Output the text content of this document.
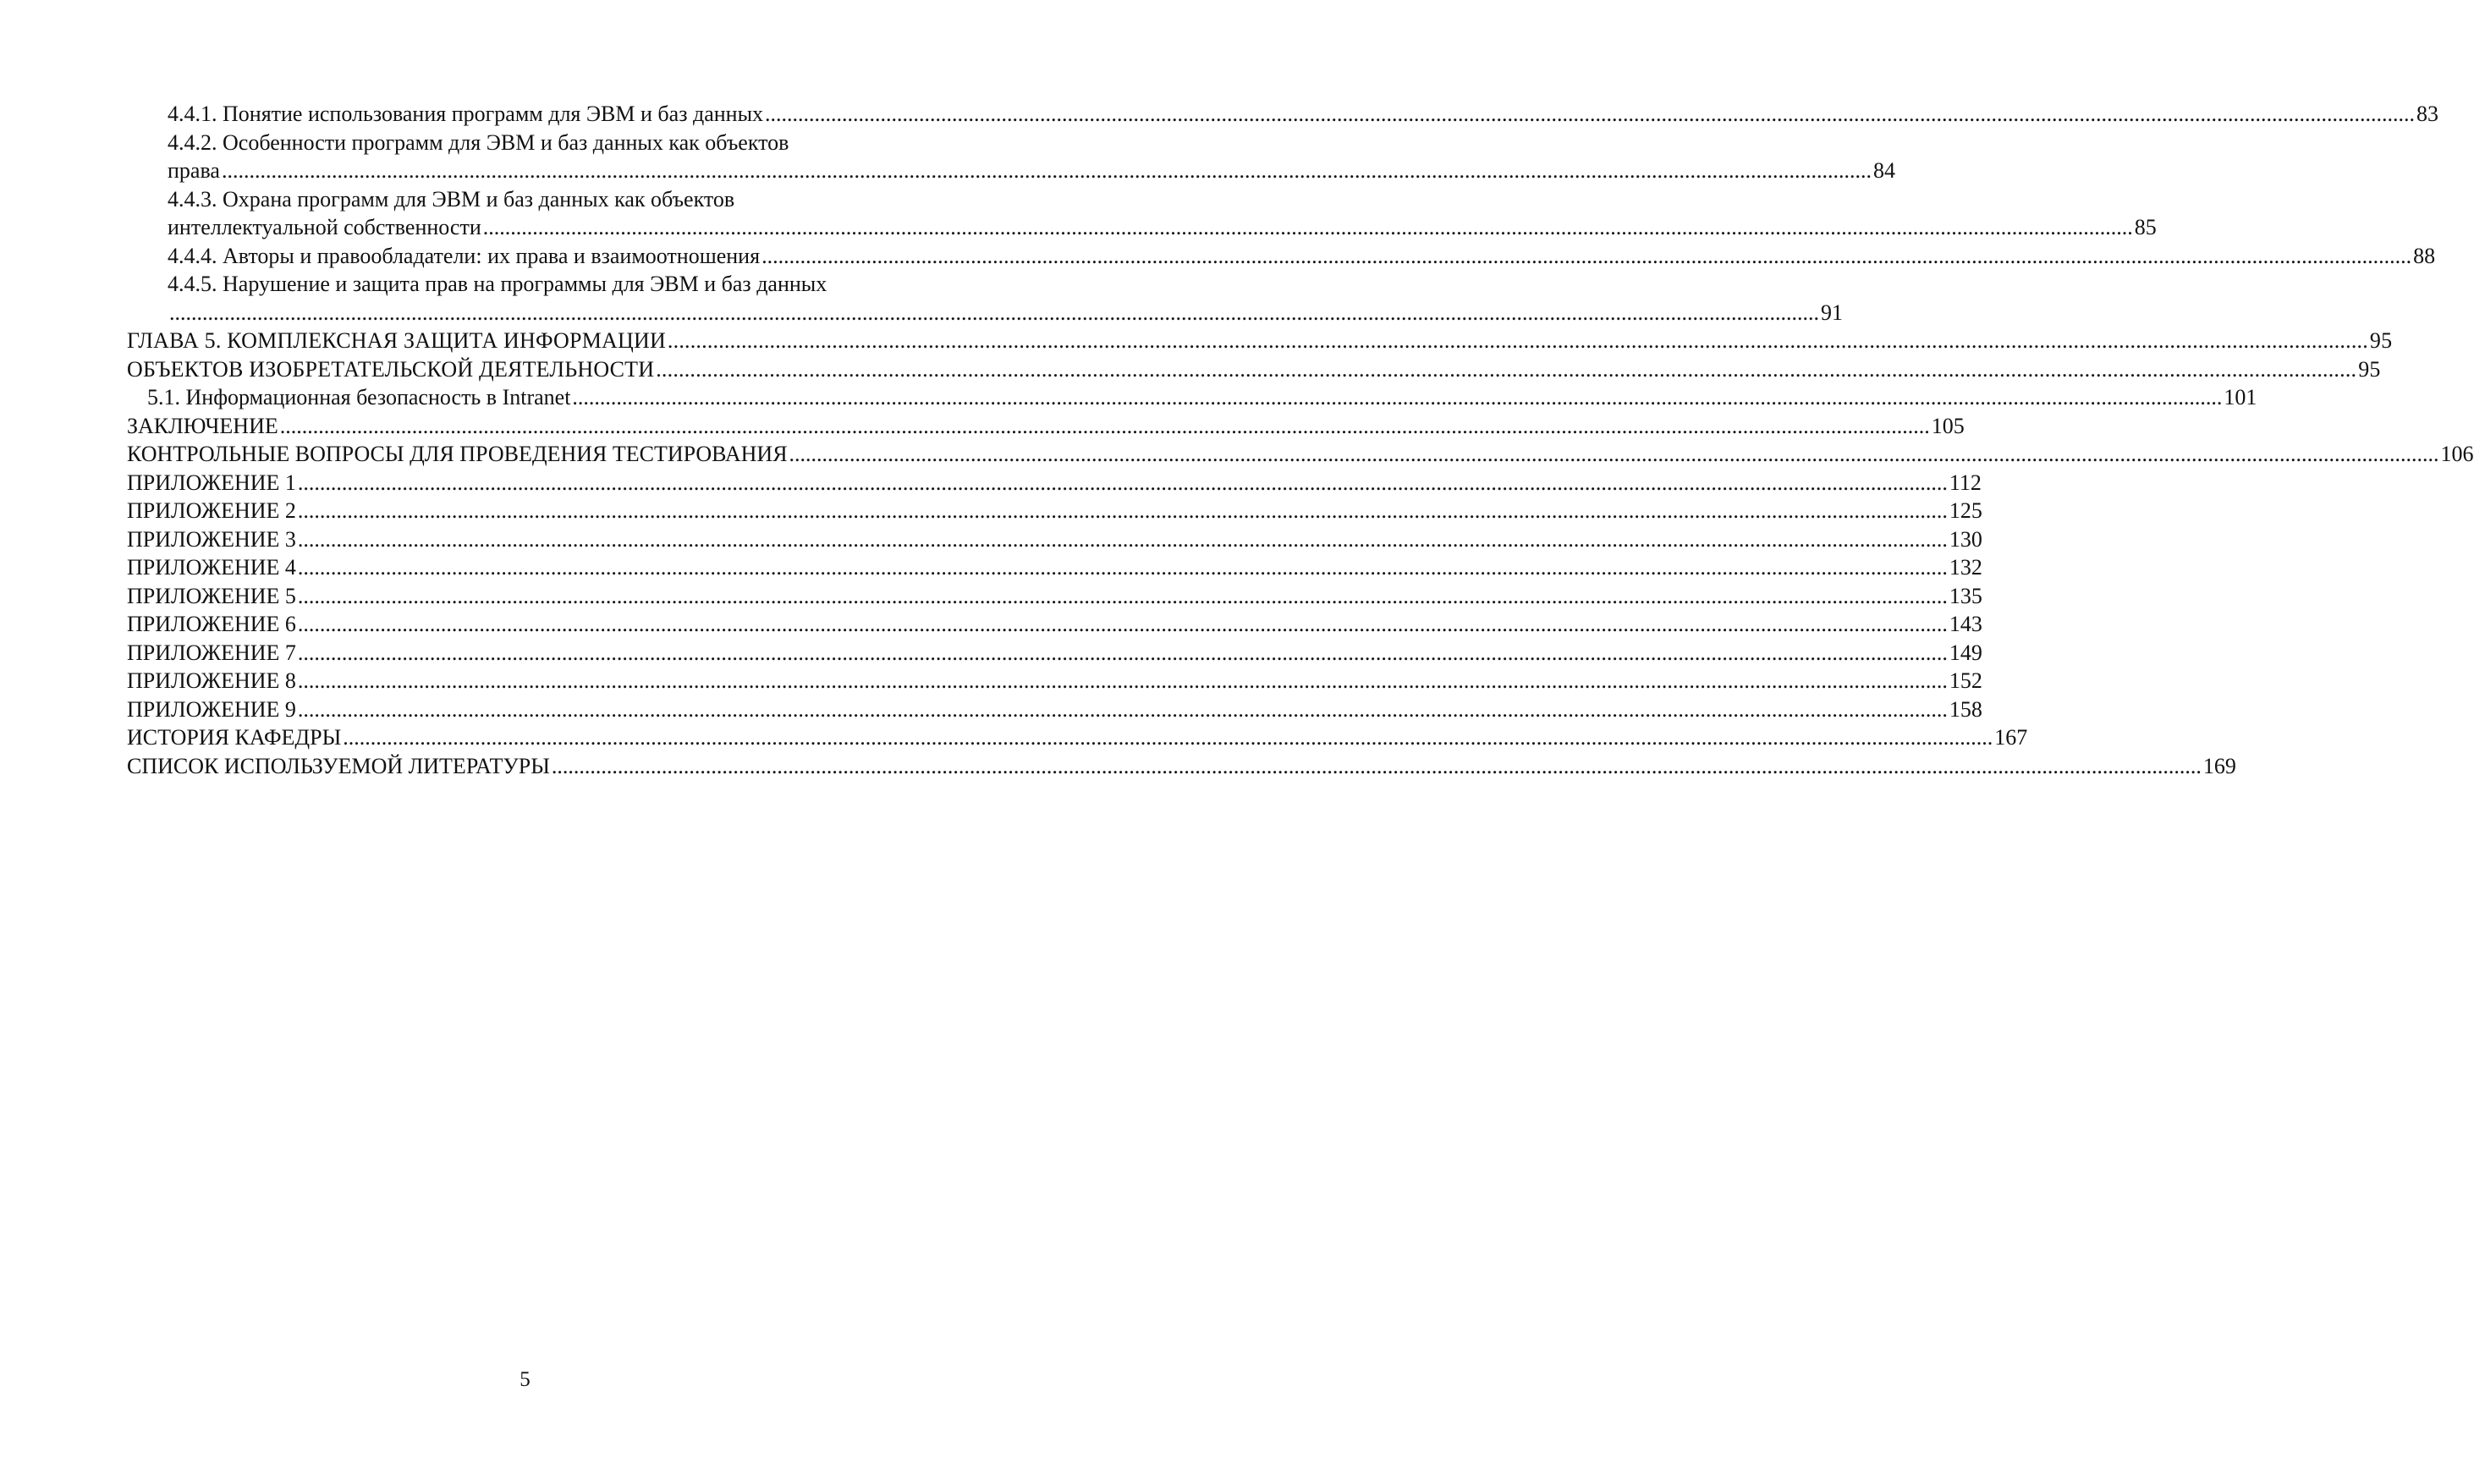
4.4.1. Понятие использования программ для ЭВМ и баз данных ............................................................................................................................................................................................................................................................................................................ 83
4.4.2. Особенности программ для ЭВМ и баз данных как объектов
права ............................................................................................................................................................................................................................................................................................................ 84
4.4.3. Охрана программ для ЭВМ и баз данных как объектов
интеллектуальной собственности ............................................................................................................................................................................................................................................................................................................ 85
4.4.4. Авторы и правообладатели: их права и взаимоотношения ............................................................................................................................................................................................................................................................................................................ 88
4.4.5. Нарушение и защита прав на программы для ЭВМ и баз данных
............................................................................................................................................................................................................................................................................................................ 91
ГЛАВА 5. КОМПЛЕКСНАЯ ЗАЩИТА ИНФОРМАЦИИ ............................................................................................................................................................................................................................................................................................................ 95
ОБЪЕКТОВ ИЗОБРЕТАТЕЛЬСКОЙ ДЕЯТЕЛЬНОСТИ ............................................................................................................................................................................................................................................................................................................ 95
5.1. Информационная безопасность в Intranet ............................................................................................................................................................................................................................................................................................................ 101
ЗАКЛЮЧЕНИЕ ............................................................................................................................................................................................................................................................................................................ 105
КОНТРОЛЬНЫЕ ВОПРОСЫ ДЛЯ ПРОВЕДЕНИЯ ТЕСТИРОВАНИЯ ............................................................................................................................................................................................................................................................................................................ 106
ПРИЛОЖЕНИЕ 1 ............................................................................................................................................................................................................................................................................................................ 112
ПРИЛОЖЕНИЕ 2 ............................................................................................................................................................................................................................................................................................................ 125
ПРИЛОЖЕНИЕ 3 ............................................................................................................................................................................................................................................................................................................ 130
ПРИЛОЖЕНИЕ 4 ............................................................................................................................................................................................................................................................................................................ 132
ПРИЛОЖЕНИЕ 5 ............................................................................................................................................................................................................................................................................................................ 135
ПРИЛОЖЕНИЕ 6 ............................................................................................................................................................................................................................................................................................................ 143
ПРИЛОЖЕНИЕ 7 ............................................................................................................................................................................................................................................................................................................ 149
ПРИЛОЖЕНИЕ 8 ............................................................................................................................................................................................................................................................................................................ 152
ПРИЛОЖЕНИЕ 9 ............................................................................................................................................................................................................................................................................................................ 158
ИСТОРИЯ КАФЕДРЫ ............................................................................................................................................................................................................................................................................................................ 167
СПИСОК ИСПОЛЬЗУЕМОЙ ЛИТЕРАТУРЫ ............................................................................................................................................................................................................................................................................................................ 169
5
